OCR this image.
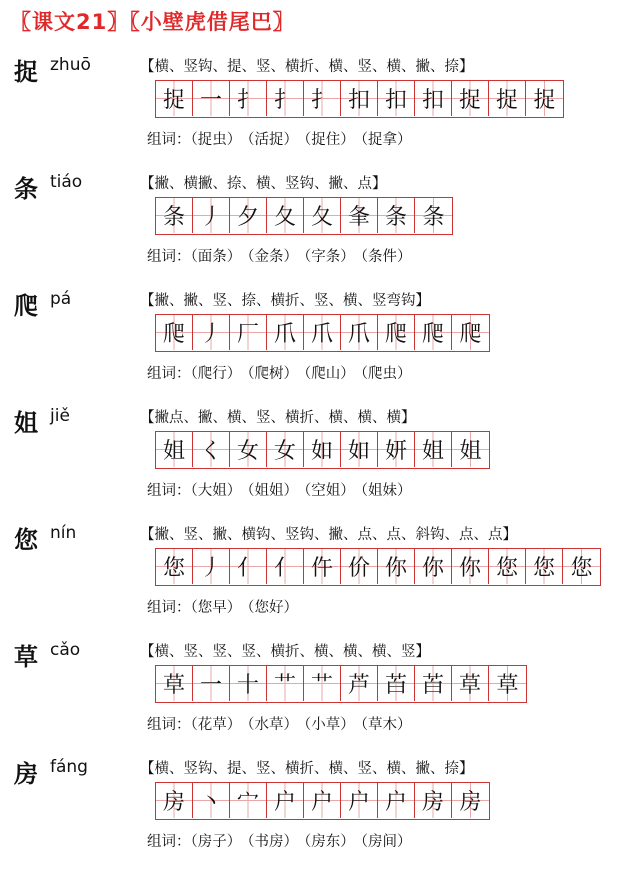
〖课文21〗〖小壁虎借尾巴〗
捉 zhuō	【横、竖钩、提、竖、横折、横、竖、横、撇、捺】
捉 一 扌 扌 扌 扣 扣 扣 捉 捉 捉
组词：（捉虫） （活捉） （捉住） （捉拿）
条 tiáo	【撇、横撇、捺、横、竖钩、撇、点】
条 丿 夕 夂 夂 夆 条 条
组词：（面条） （金条） （字条） （条件）
爬 pá	【撇、撇、竖、捺、横折、竖、横、竖弯钩】
爬 丿 厂 爪 爪 爪 爬 爬 爬
组词：（爬行） （爬树） （爬山） （爬虫）
姐 jiě	【撇点、撇、横、竖、横折、横、横、横】
姐 く 女 女 如 如 妍 姐 姐
组词：（大姐） （姐姐） （空姐） （姐妹）
您 nín	【撇、竖、撇、横钩、竖钩、撇、点、点、斜钩、点、点】
您 丿 亻 亻 仵 价 你 你 你 您 您 您
组词：（您早） （您好）
草 cǎo	【横、竖、竖、竖、横折、横、横、横、竖】
草 一 十 艹 艹 芦 苩 苩 草 草
组词：（花草） （水草） （小草） （草木）
房 fáng	【横、竖钩、提、竖、横折、横、竖、横、撇、捺】
房 丶 宀 户 户 户 户 房 房
组词：（房子） （书房） （房东） （房间）
